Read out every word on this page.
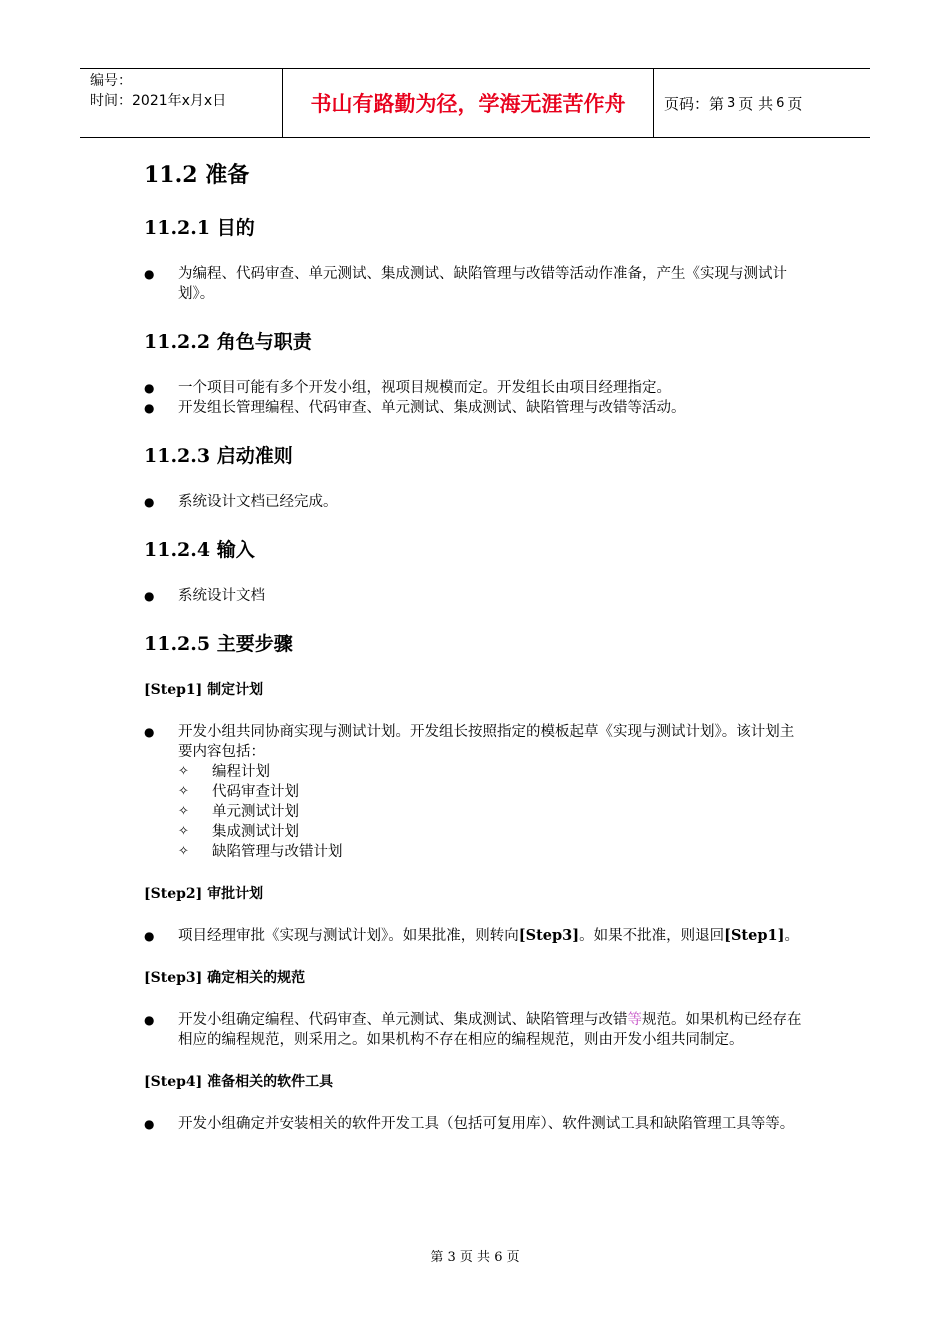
编号：
时间：2021年x月x日	书山有路勤为径，学海无涯苦作舟	页码：第 3 页 共 6 页
11.2 准备
11.2.1 目的
● 为编程、代码审查、单元测试、集成测试、缺陷管理与改错等活动作准备，产生《实现与测试计划》。
11.2.2 角色与职责
● 一个项目可能有多个开发小组，视项目规模而定。开发组长由项目经理指定。
● 开发组长管理编程、代码审查、单元测试、集成测试、缺陷管理与改错等活动。
11.2.3 启动准则
● 系统设计文档已经完成。
11.2.4 输入
● 系统设计文档
11.2.5 主要步骤
[Step1] 制定计划
● 开发小组共同协商实现与测试计划。开发组长按照指定的模板起草《实现与测试计划》。该计划主要内容包括：
✧ 编程计划
✧ 代码审查计划
✧ 单元测试计划
✧ 集成测试计划
✧ 缺陷管理与改错计划
[Step2] 审批计划
● 项目经理审批《实现与测试计划》。如果批准，则转向[Step3]。如果不批准，则退回[Step1]。
[Step3] 确定相关的规范
● 开发小组确定编程、代码审查、单元测试、集成测试、缺陷管理与改错等规范。如果机构已经存在相应的编程规范，则采用之。如果机构不存在相应的编程规范，则由开发小组共同制定。
[Step4] 准备相关的软件工具
● 开发小组确定并安装相关的软件开发工具（包括可复用库）、软件测试工具和缺陷管理工具等等。
第 3 页 共 6 页
